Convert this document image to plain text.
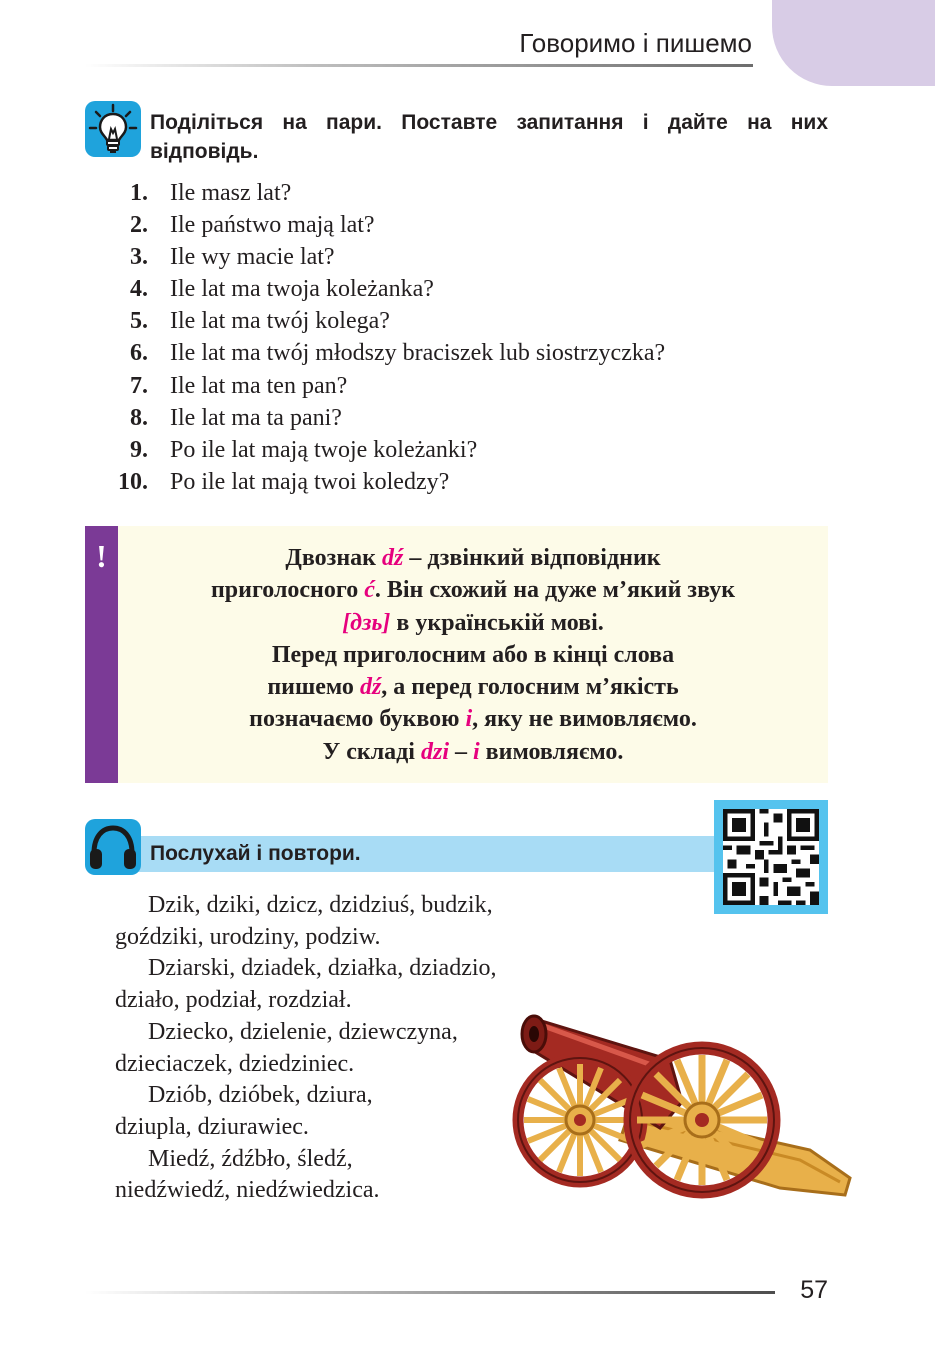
Говоримо і пишемо
Поділіться на пари. Поставте запитання і дайте на них відповідь.
1. Ile masz lat?
2. Ile państwo mają lat?
3. Ile wy macie lat?
4. Ile lat ma twoja koleżanka?
5. Ile lat ma twój kolega?
6. Ile lat ma twój młodszy braciszek lub siostrzyczka?
7. Ile lat ma ten pan?
8. Ile lat ma ta pani?
9. Po ile lat mają twoje koleżanki?
10. Po ile lat mają twoi koledzy?
!	Двознак dź – дзвінкий відповідник
приголосного ć. Він схожий на дуже м’який звук
[дзь] в українській мові.
Перед приголосним або в кінці слова
пишемо dź, а перед голосним м’якість
позначаємо буквою i, яку не вимовляємо.
У складі dzi – i вимовляємо.
Послухай і повтори.
Dzik, dziki, dzicz, dzidziuś, budzik,
goździki, urodziny, podziw.
Dziarski, dziadek, działka, dziadzio,
działo, podział, rozdział.
Dziecko, dzielenie, dziewczyna,
dzieciaczek, dziedziniec.
Dziób, dzióbek, dziura,
dziupla, dziurawiec.
Miedź, źdźbło, śledź,
niedźwiedź, niedźwiedzica.
57
